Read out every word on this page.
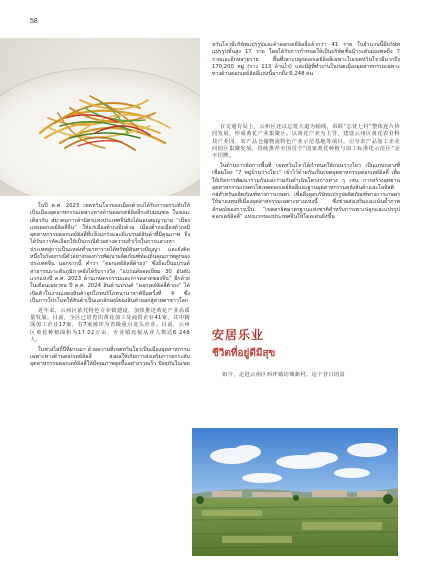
58

หวันโจวมีบริษัทแปรรูปและค้าดอกเดย์ลิลลี่แล้วกว่า 41 ราย ในจำนวนนี้มีบริษัทแปรรูปขั้นสูง 17 ราย โดยได้รับการกำหนดให้เป็นบริษัทชั้นนำระดับมณฑลถึง 7 รายและอีกหลายราย พื้นที่เพาะปลูกดอกเดย์ลิลลี่เฉพาะในเขตหวินโจวมีมากถึง 170,200 หมู่ (ราว 113 ล้านไร่) และมีผู้ที่ทำงานในเขตเมืองอุตสาหกรรมเฉพาะทางด้านดอกเดย์ลิลลี่แห่งนี้มากถึง 6,248 คน

在交通有局上，云州区还以忘忧大道为轴线，串联“忘忧七村”整体连片协同发展，形成黄花产业集聚区。以黄花产业为主导，建设云州区黄花农业科技产业园、农产品仓储物流特色产业示范基地等项目，引导农产品加工企业向园区集聚发展，持续推荐全国首个“国家黄花种植与加工标准化示范区”金字招牌。

ในด้านการจัดการพื้นที่ เขตหวินโจวได้กำหนดให้ถนนว่างโยว เป็นแกนกลางที่เชื่อมโยง “7 หมู่บ้านว่างโยว” เข้าไว้ด้วยกันเป็นเขตอุตสาหกรรมดอกเดย์ลิลลี่ เพื่อให้เกิดการพัฒนาร่วมกันและร่วมกันดำเนินโครงการต่าง ๆ เช่น การสร้างอุทยานอุตสาหกรรมเกษตรไฮเทคดอกเดย์ลิลลี่และฐานอุตสาหกรรมคลังสินค้าและโลจิสติกส์สำหรับผลิตภัณฑ์ทางการเกษตร เพื่อดึงดูดบริษัทแปรรูปผลิตภัณฑ์ทางการเกษตรให้มาลงทุนที่เมืองอุตสาหกรรมเฉพาะทางแห่งนี้ ซึ่งช่วยส่งเสริมและเน้นย้ำภาพลักษณ์ของการเป็น “เขตสาธิตมาตรฐานแห่งชาติสำหรับการเพาะปลูกและแปรรูปดอกเดย์ลิลลี่” แห่งแรกของประเทศจีนให้โดดเด่นยิ่งขึ้น

ในปี ค.ศ. 2023 เขตหวินโจวของเมืองต้าถงได้รับการยกระดับให้เป็นเมืองอุตสาหกรรมเฉพาะทางด้านดอกเดย์ลิลลี่ระดับมณฑล ในขณะเดียวกัน สมาคมการค้ามิตรแห่งประเทศจีนยังได้มอบสมญานาม “เมืองแห่งดอกเดย์ลิลลี่จีน” ให้แก่เมืองต้าถงอีกด้วย เมืองต้าถงเมืองต้าถงมีอุตสาหกรรมดอกเดย์ลิลลี่ที่แข็งแกร่งและมีแบรนด์สินค้าที่มีคุณภาพ จึงได้รับการคัดเลือกให้เป็นกรณีตัวอย่างความสำเร็จในการแสวงหาประเทศสู่การเป็นแหล่งทำมาหารายได้ทรัพย์สินทางปัญญา และยังติดหนึ่งในร้อยกรณีตัวอย่างของการพัฒนาผลิตภัณฑ์ท้องถิ่นคุณภาพสูงของประเทศจีน นอกจากนี้ คำว่า “ดอกเดย์ลิลลี่ต้าถง” ซึ่งถือเป็นแบรนด์สาธารณะระดับภูมิภาคยังได้รับรางวัล “แบรนด์ยอดเยี่ยม 30 อันดับแรกแห่งปี ค.ศ. 2023 ด้านเกษตรกรรมและการคลาดของจีน” อีกด้วย ในเดือนเมษายน ปี ค.ศ. 2024 สินค้าแบรนด์ “ดอกเดย์ลิลลี่ต้าถง” ได้เปิดตัวในงานแสดงสินค้าอุปโภคบริโภคนานาชาติจีนครั้งที่ 4 ซึ่งเป็นการโปรโมทให้สินค้าเป็นเอกลักษณ์ของสินค้าออกสู่สายตาชาวโลก

近年来，云州区依托特色专业镇建设，加快推进黄花产业高质量发展。目前，全区已培育出黄花加工及商贸企业41家，其中精深加工企业17家，有7家被评为省级重点龙头企业。目前，云州区黄花种植面积为17.02万亩，专业镇直接从业人数达6 248人。

ในช่วงไม่กี่ปีที่ผ่านมา ด้วยความที่เขตหวินโจวเป็นเมืองอุตสาหกรรมเฉพาะทางด้านดอกเดย์ลิลลี่ ส่งผลให้เกิดการส่งเสริมการยกระดับอุตสาหกรรมดอกเดย์ลิลลี่ให้มีคุณภาพสูงขึ้นอย่างรวดเร็ว ปัจจุบันในเขต

安居乐业
ชีวิตที่อยู่ดีมีสุข
如今，走进云州区西坪镇坊城新村，这个昔日的贫
